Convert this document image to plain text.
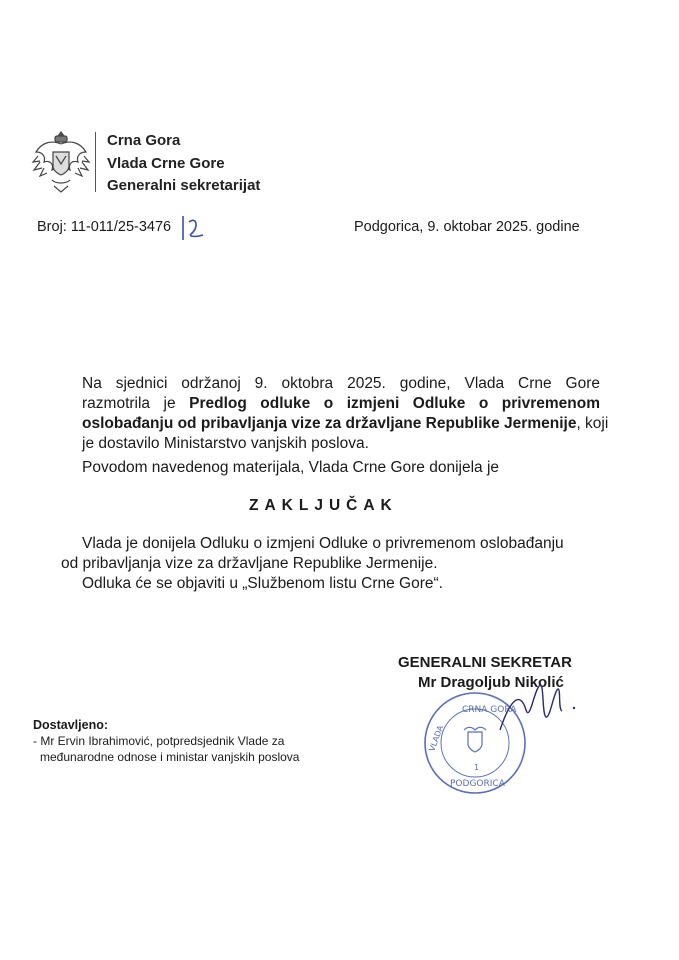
Crna Gora
Vlada Crne Gore
Generalni sekretarijat
Broj: 11-011/25-3476	Podgorica, 9. oktobar 2025. godine
Na sjednici održanoj 9. oktobra 2025. godine, Vlada Crne Gore
razmotrila je Predlog odluke o izmjeni Odluke o privremenom
oslobađanju od pribavljanja vize za državljane Republike Jermenije, koji
je dostavilo Ministarstvo vanjskih poslova.
Povodom navedenog materijala, Vlada Crne Gore donijela je
ZAKLJUČAK
Vlada je donijela Odluku o izmjeni Odluke o privremenom oslobađanju
od pribavljanja vize za državljane Republike Jermenije.
Odluka će se objaviti u „Službenom listu Crne Gore“.
GENERALNI SEKRETAR
Mr Dragoljub Nikolić
CRNA GORA
VLADA
1
PODGORICA
Dostavljeno:
- Mr Ervin Ibrahimović, potpredsjednik Vlade za
međunarodne odnose i ministar vanjskih poslova
